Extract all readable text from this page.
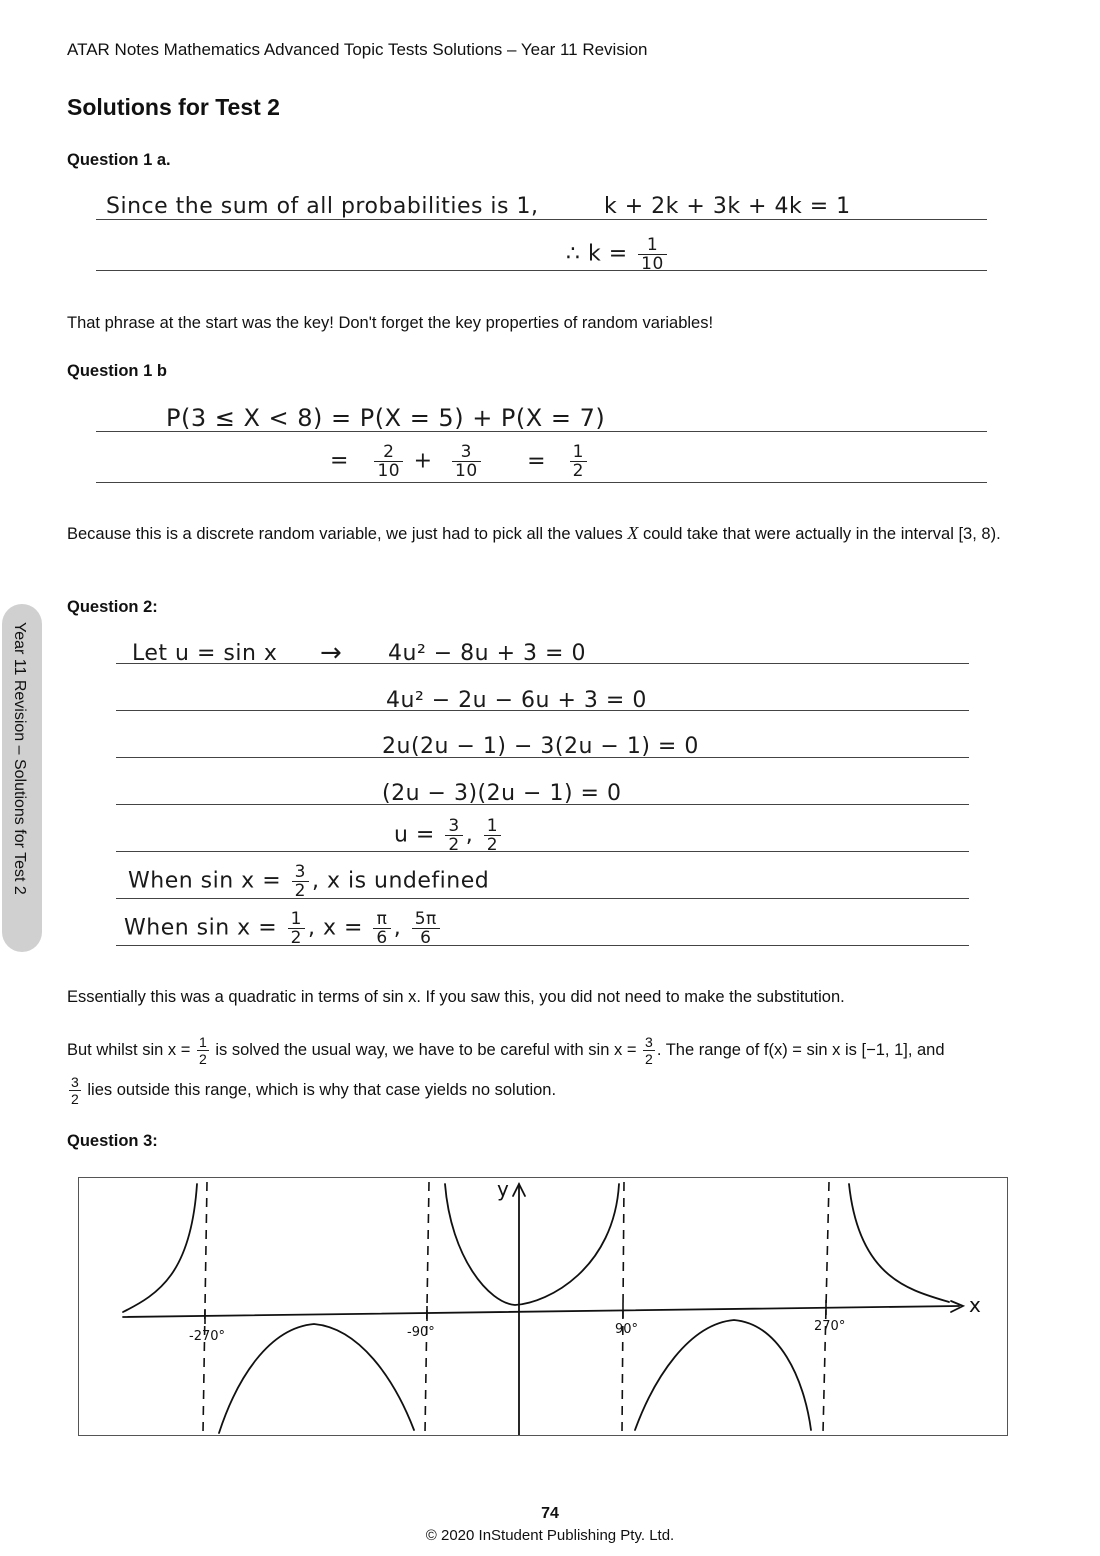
ATAR Notes Mathematics Advanced Topic Tests Solutions – Year 11 Revision
Solutions for Test 2
Year 11 Revision – Solutions for Test 2
Question 1 a.
Since the sum of all probabilities is 1,	k + 2k + 3k + 4k = 1
∴ $k = \frac{1}{10}$
That phrase at the start was the key! Don't forget the key properties of random variables!
Question 1 b
P(3 ≤ X < 8) = P(X = 5) + P(X = 7)
= $\frac{2}{10} + \frac{3}{10} = \frac{1}{2}$
Because this is a discrete random variable, we just had to pick all the values X could take that were actually in the interval [3, 8).
Question 2:
Let u = sin x → 4u² − 8u + 3 = 0
4u² − 2u − 6u + 3 = 0
2u(2u − 1) − 3(2u − 1) = 0
(2u − 3)(2u − 1) = 0
$u = \frac{3}{2}$ , $\frac{1}{2}$
When $\sin x = \frac{3}{2}$ , x is undefined
When $\sin x = \frac{1}{2}$ , $x = \frac{\pi}{6}$ , $\frac{5\pi}{6}$
Essentially this was a quadratic in terms of sin x. If you saw this, you did not need to make the substitution.
But whilst $\sin x = \frac{1}{2}$ is solved the usual way, we have to be careful with $\sin x = \frac{3}{2}$ . The range of f(x) = sin x is [−1, 1], and
$\frac{3}{2}$ lies outside this range, which is why that case yields no solution.
Question 3:
-270°	-90°	90°	270°
y
x
74
© 2020 InStudent Publishing Pty. Ltd.
